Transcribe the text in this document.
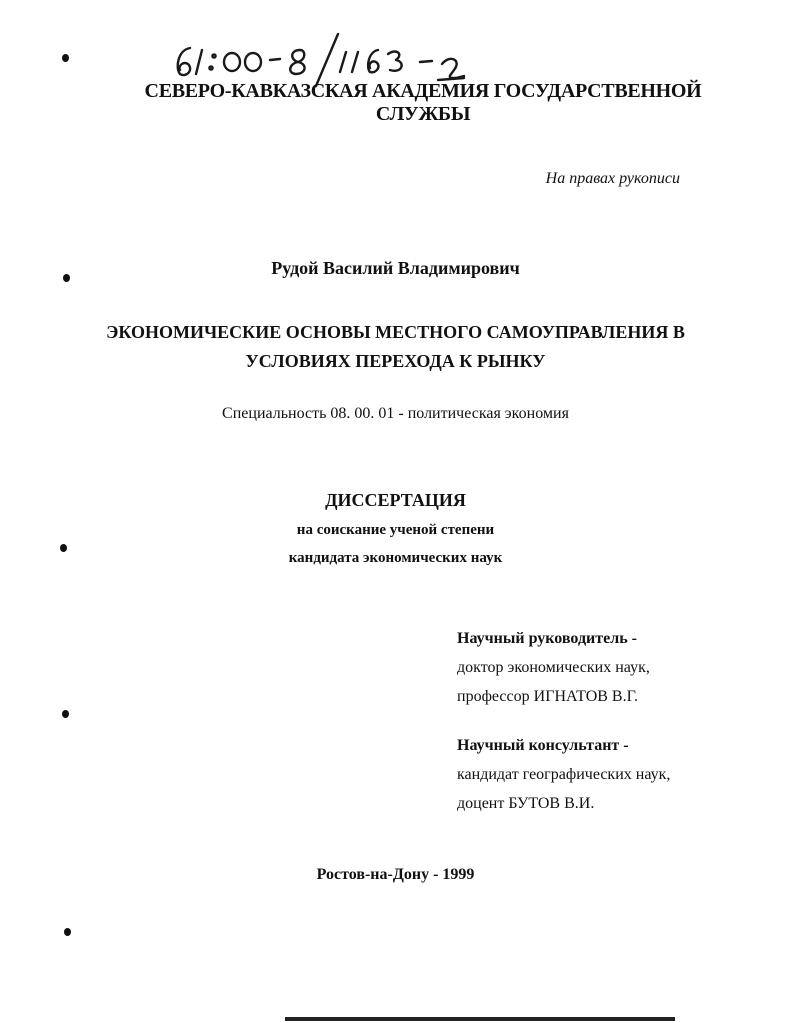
СЕВЕРО-КАВКАЗСКАЯ АКАДЕМИЯ ГОСУДАРСТВЕННОЙ СЛУЖБЫ
На правах рукописи
Рудой Василий Владимирович
ЭКОНОМИЧЕСКИЕ ОСНОВЫ МЕСТНОГО САМОУПРАВЛЕНИЯ В
УСЛОВИЯХ ПЕРЕХОДА К РЫНКУ
Специальность 08. 00. 01 - политическая экономия
ДИССЕРТАЦИЯ
на соискание ученой степени
кандидата экономических наук
Научный руководитель -
доктор экономических наук,
профессор ИГНАТОВ В.Г.
Научный консультант -
кандидат географических наук,
доцент БУТОВ В.И.
Ростов-на-Дону - 1999
